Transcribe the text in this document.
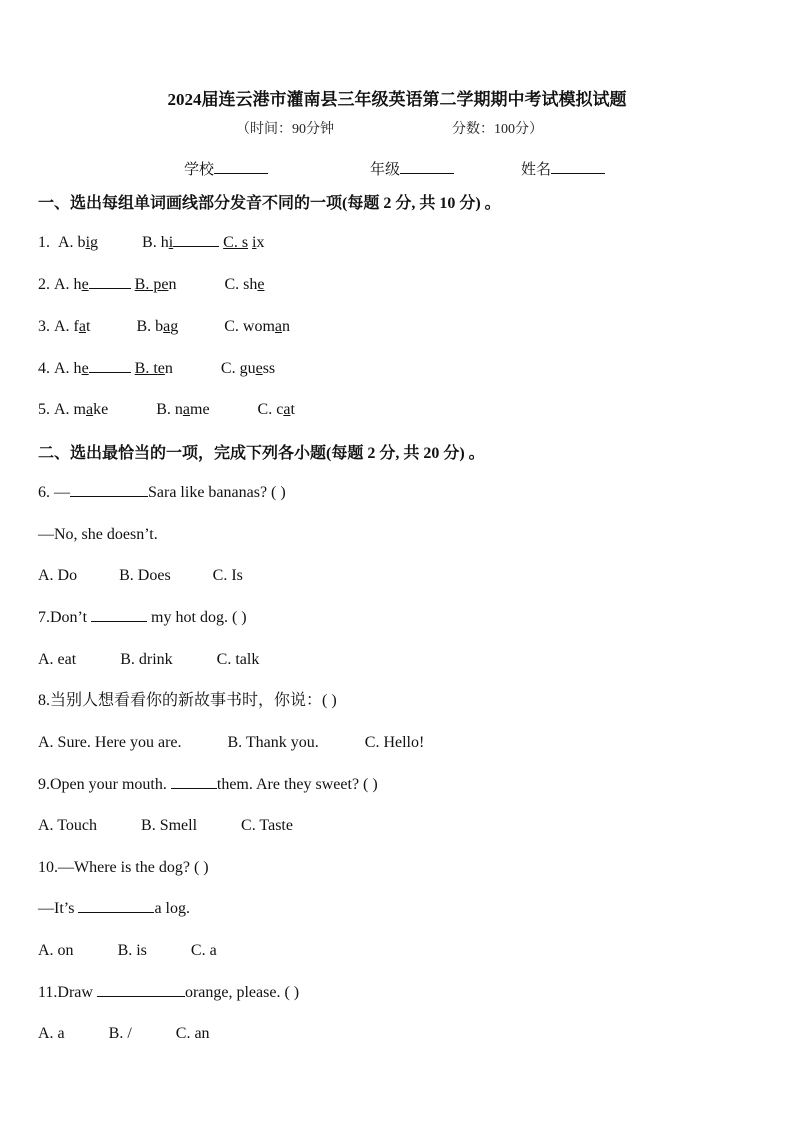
2024届连云港市灌南县三年级英语第二学期期中考试模拟试题
（时间：90分钟	分数：100分）
学校	年级	姓名
一、选出每组单词画线部分发音不同的一项(每题 2 分, 共 10 分) 。
1. A. big	B. hi	C. s ix
2. A. he	B. pen	C. she
3. A. fat	B. bag	C. woman
4. A. he	B. ten	C. guess
5. A. make	B. name	C. cat
二、选出最恰当的一项，完成下列各小题(每题 2 分, 共 20 分) 。
6. —	Sara like bananas? ( )
—No, she doesn’t.
A. Do	B. Does	C. Is
7.Don’t	my hot dog. ( )
A. eat	B. drink	C. talk
8.当别人想看看你的新故事书时，你说：( )
A. Sure. Here you are.	B. Thank you.	C. Hello!
9.Open your mouth.	them. Are they sweet? ( )
A. Touch	B. Smell	C. Taste
10.—Where is the dog? ( )
—It’s	a log.
A. on	B. is	C. a
11.Draw	orange, please. ( )
A. a	B. /	C. an
